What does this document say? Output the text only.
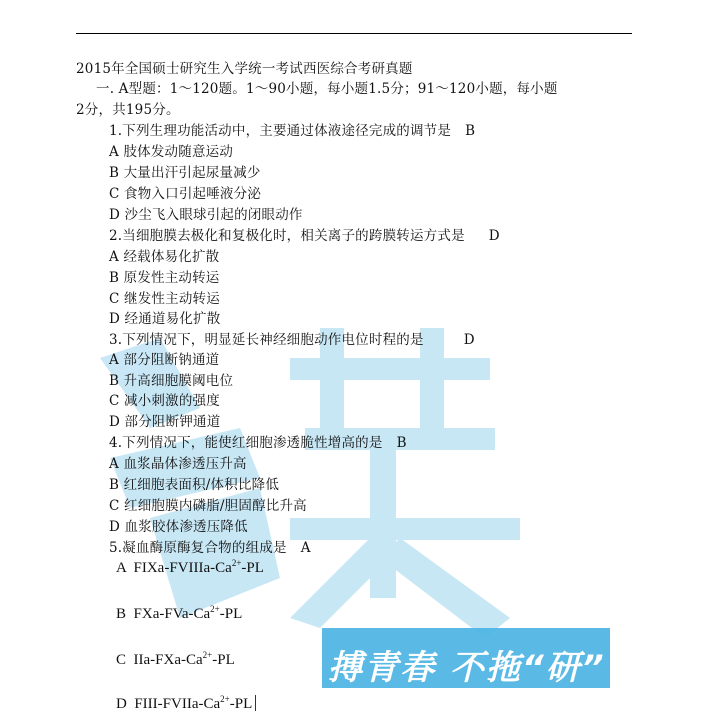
2015年全国硕士研究生入学统一考试西医综合考研真题
一. A型题：1～120题。1～90小题，每小题1.5分；91～120小题，每小题
2分，共195分。
1.下列生理功能活动中，主要通过体液途径完成的调节是 B
A 肢体发动随意运动
B 大量出汗引起尿量减少
C 食物入口引起唾液分泌
D 沙尘飞入眼球引起的闭眼动作
2.当细胞膜去极化和复极化时，相关离子的跨膜转运方式是 D
A 经载体易化扩散
B 原发性主动转运
C 继发性主动转运
D 经通道易化扩散
3.下列情况下，明显延长神经细胞动作电位时程的是	D
A 部分阻断钠通道
B 升高细胞膜阈电位
C 减小刺激的强度
D 部分阻断钾通道
4.下列情况下，能使红细胞渗透脆性增高的是 B
A 血浆晶体渗透压升高
B 红细胞表面积/体积比降低
C 红细胞膜内磷脂/胆固醇比升高
D 血浆胶体渗透压降低
5.凝血酶原酶复合物的组成是 A
A FIXa-$FVIIIa-Ca^{2+}-PL$
B FXa-$FVa-Ca^{2+}-PL$
C IIa-$FXa-Ca^{2+}-PL$
D FIII-$FVIIa-Ca^{2+}-PL$
搏青春 不拖“研”
